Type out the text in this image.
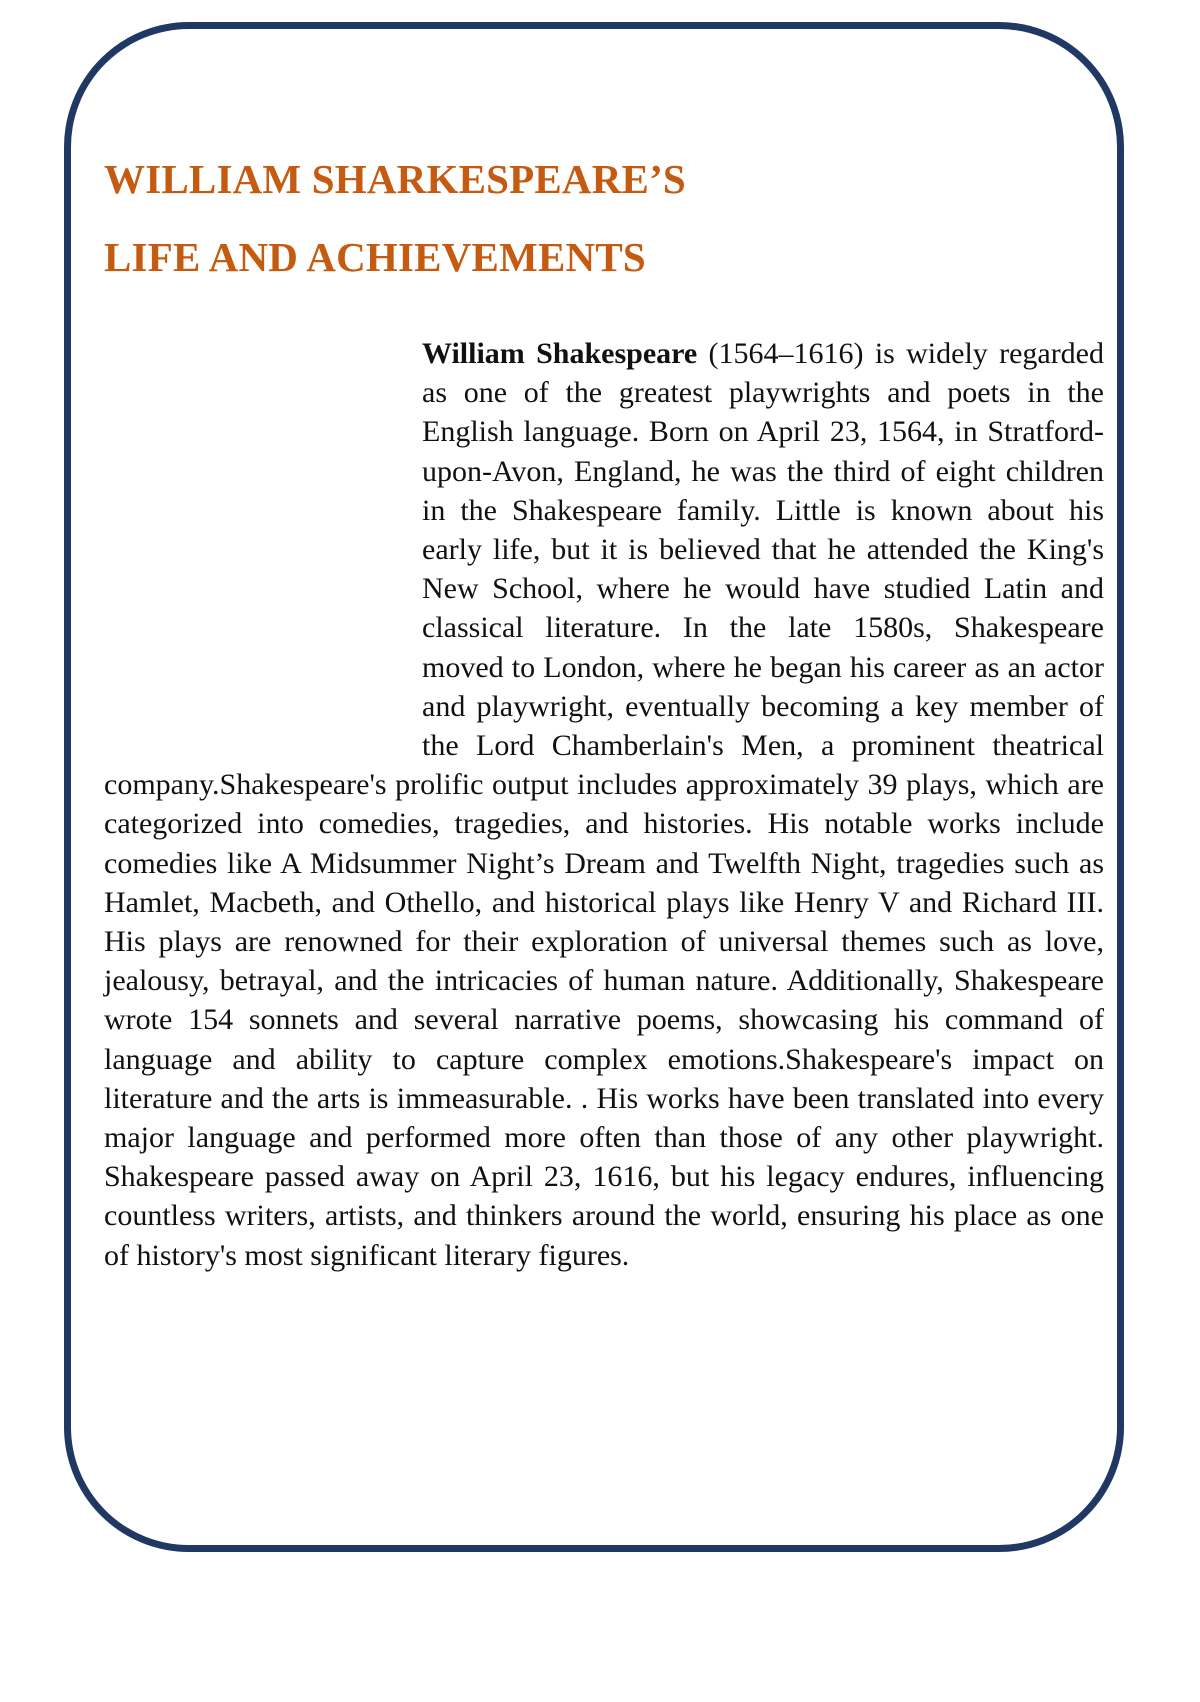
WILLIAM SHARKESPEARE’S
LIFE AND ACHIEVEMENTS

William Shakespeare (1564–1616) is widely regarded as one of the greatest playwrights and poets in the English language. Born on April 23, 1564, in Stratford-upon-Avon, England, he was the third of eight children in the Shakespeare family. Little is known about his early life, but it is believed that he attended the King's New School, where he would have studied Latin and classical literature. In the late 1580s, Shakespeare moved to London, where he began his career as an actor and playwright, eventually becoming a key member of the Lord Chamberlain's Men, a prominent theatrical company.Shakespeare's prolific output includes approximately 39 plays, which are categorized into comedies, tragedies, and histories. His notable works include comedies like A Midsummer Night’s Dream and Twelfth Night, tragedies such as Hamlet, Macbeth, and Othello, and historical plays like Henry V and Richard III. His plays are renowned for their exploration of universal themes such as love, jealousy, betrayal, and the intricacies of human nature. Additionally, Shakespeare wrote 154 sonnets and several narrative poems, showcasing his command of language and ability to capture complex emotions.Shakespeare's impact on literature and the arts is immeasurable. . His works have been translated into every major language and performed more often than those of any other playwright. Shakespeare passed away on April 23, 1616, but his legacy endures, influencing countless writers, artists, and thinkers around the world, ensuring his place as one of history's most significant literary figures.
